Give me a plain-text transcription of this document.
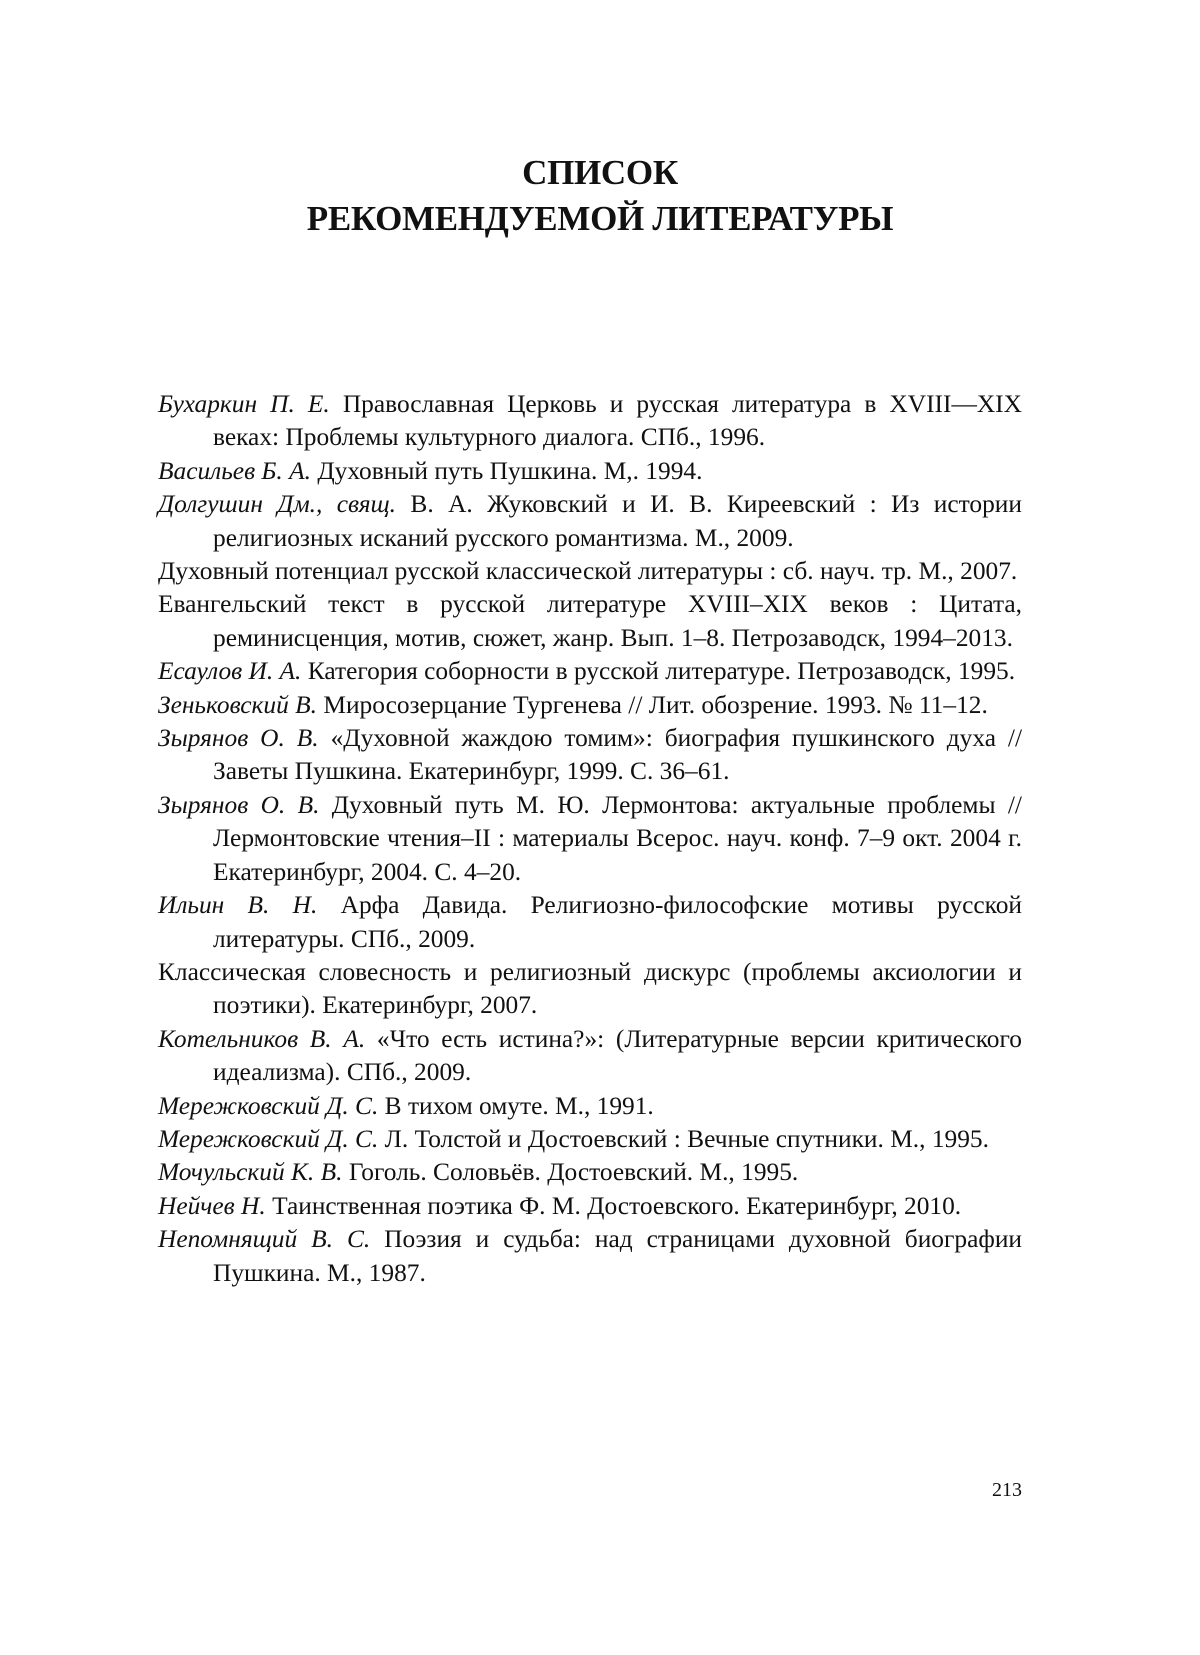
СПИСОК
РЕКОМЕНДУЕМОЙ ЛИТЕРАТУРЫ

Бухаркин П. Е. Православная Церковь и русская литература в XVIII—XIX веках: Проблемы культурного диалога. СПб., 1996.

Васильев Б. А. Духовный путь Пушкина. М,. 1994.

Долгушин Дм., свящ. В. А. Жуковский и И. В. Киреевский : Из истории религиозных исканий русского романтизма. М., 2009.

Духовный потенциал русской классической литературы : сб. науч. тр. М., 2007.

Евангельский текст в русской литературе XVIII–XIX веков : Цитата, реминисценция, мотив, сюжет, жанр. Вып. 1–8. Петрозаводск, 1994–2013.

Есаулов И. А. Категория соборности в русской литературе. Петрозаводск, 1995.

Зеньковский В. Миросозерцание Тургенева // Лит. обозрение. 1993. № 11–12.

Зырянов О. В. «Духовной жаждою томим»: биография пушкинского духа // Заветы Пушкина. Екатеринбург, 1999. С. 36–61.

Зырянов О. В. Духовный путь М. Ю. Лермонтова: актуальные проблемы // Лермонтовские чтения–II : материалы Всерос. науч. конф. 7–9 окт. 2004 г. Екатеринбург, 2004. С. 4–20.

Ильин В. Н. Арфа Давида. Религиозно-философские мотивы русской литературы. СПб., 2009.

Классическая словесность и религиозный дискурс (проблемы аксиологии и поэтики). Екатеринбург, 2007.

Котельников В. А. «Что есть истина?»: (Литературные версии критического идеализма). СПб., 2009.

Мережковский Д. С. В тихом омуте. М., 1991.

Мережковский Д. С. Л. Толстой и Достоевский : Вечные спутники. М., 1995.

Мочульский К. В. Гоголь. Соловьёв. Достоевский. М., 1995.

Нейчев Н. Таинственная поэтика Ф. М. Достоевского. Екатеринбург, 2010.

Непомнящий В. С. Поэзия и судьба: над страницами духовной биографии Пушкина. М., 1987.

213
